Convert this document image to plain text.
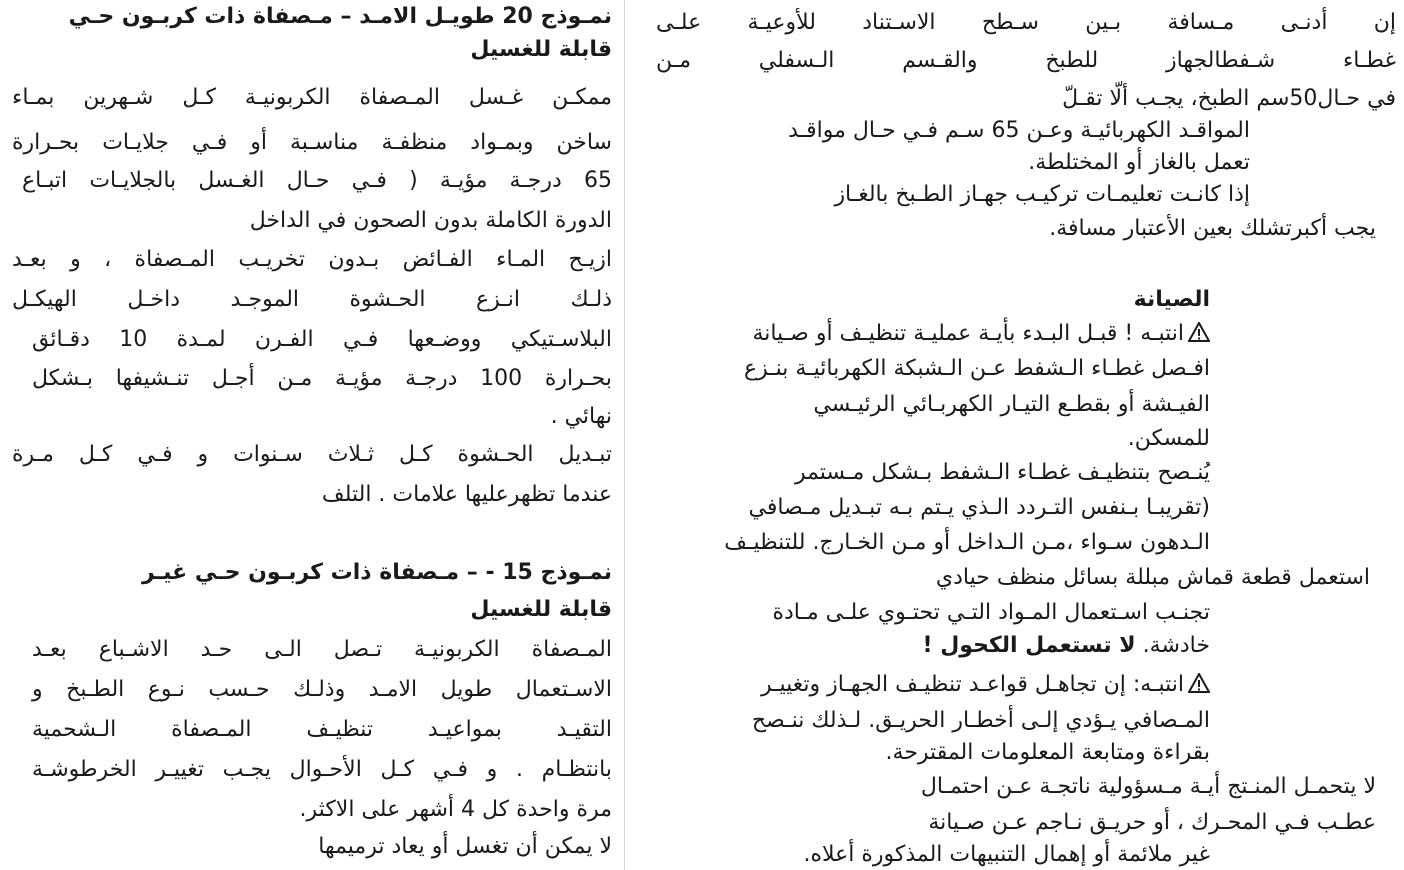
نمـوذج 20 طويـل الامـد – مـصفاة ذات كربـون حـي
قابلة للغسيل
ممكـن غـسل المـصفاة الكربونيـة كـل شـهرين بمـاء
ساخن وبمـواد منظفـة مناسـبة أو فـي جلايـات بحـرارة
65 درجـة مؤيـة ( فـي حـال الغـسل بالجلايـات اتبـاع
الدورة الكاملة بدون الصحون في الداخل
ازيـح المـاء الفـائض بـدون تخريـب المـصفاة ، و بعـد
ذلـك انـزع الحـشوة الموجـد داخـل الهيكـل
البلاسـتيكي ووضـعها فـي الفـرن لمـدة 10 دقـائق
بحـرارة 100 درجـة مؤيـة مـن أجـل تنـشيفها بـشكل
نهائي .
تبـديل الحـشوة كـل ثـلاث سـنوات و فـي كـل مـرة
عندما تظهرعليها علامات . التلف
نمـوذج 15 - – مـصفاة ذات كربـون حـي غيـر
قابلة للغسيل
المـصفاة الكربونيـة تـصل الـى حـد الاشـباع بعـد
الاسـتعمال طويل الامـد وذلـك حـسب نـوع الطـبخ و
التقيـد بمواعيـد تنظيـف المـصفاة الـشحمية
بانتظـام . و فـي كـل الأحـوال يجـب تغييـر الخرطوشـة
مرة واحدة كل 4 أشهر على الاكثر.
لا يمكن أن تغسل أو يعاد ترميمها
إن أدنـى مـسافة بـين سـطح الاسـتناد للأوعيـة علـى
غطـاء شـفطالجهاز للطبخ والقـسم الـسفلي مـن
في حـال50سم الطبخ، يجـب ألّا تقـلّ
المواقـد الكهربائيـة وعـن 65 سـم فـي حـال مواقـد
تعمل بالغاز أو المختلطة.
إذا كانـت تعليمـات تركيـب جهـاز الطـبخ بالغـاز
يجب أكبرتشلك بعين الأعتبار مسافة.
الصيانة
انتبـه ! قبـل البـدء بأيـة عمليـة تنظيـف أو صـيانة
افـصل غطـاء الـشفط عـن الـشبكة الكهربائيـة بنـزع
الفيـشة أو بقطـع التيـار الكهربـائي الرئيـسي
للمسكن.
يُنـصح بتنظيـف غطـاء الـشفط بـشكل مـستمر
(تقريبـا بـنفس التـردد الـذي يـتم بـه تبـديل مـصافي
الـدهون سـواء ،مـن الـداخل أو مـن الخـارج. للتنظيـف
استعمل قطعة قماش مبللة بسائل منظف حيادي
تجنـب اسـتعمال المـواد التـي تحتـوي علـى مـادة
خادشة. لا تستعمل الكحول !
انتبـه: إن تجاهـل قواعـد تنظيـف الجهـاز وتغييـر
المـصافي يـؤدي إلـى أخطـار الحريـق. لـذلك ننـصح
بقراءة ومتابعة المعلومات المقترحة.
لا يتحمـل المنـتج أيـة مـسؤولية ناتجـة عـن احتمـال
عطـب فـي المحـرك ، أو حريـق نـاجم عـن صـيانة
غير ملائمة أو إهمال التنبيهات المذكورة أعلاه.
